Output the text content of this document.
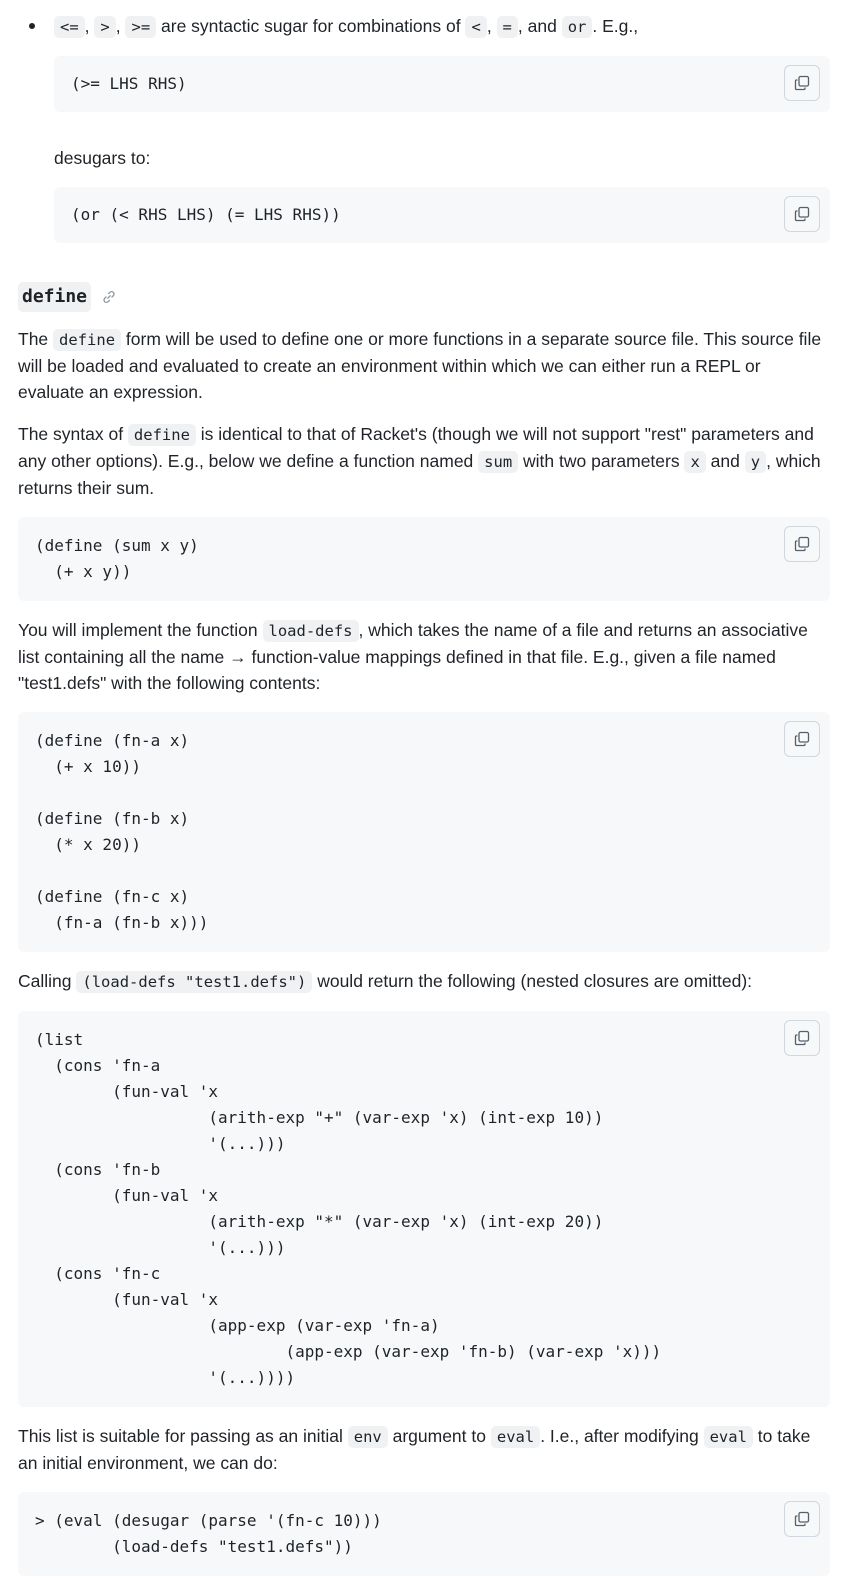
<= , > , >= are syntactic sugar for combinations of < , = , and or . E.g.,

(>= LHS RHS)

desugars to:

(or (< RHS LHS) (= LHS RHS))
define

The define form will be used to define one or more functions in a separate source file. This source file will be loaded and evaluated to create an environment within which we can either run a REPL or evaluate an expression.

The syntax of define is identical to that of Racket's (though we will not support "rest" parameters and any other options). E.g., below we define a function named sum with two parameters x and y , which returns their sum.

(define (sum x y)
(+ x y))

You will implement the function load-defs , which takes the name of a file and returns an associative list containing all the name → function-value mappings defined in that file. E.g., given a file named "test1.defs" with the following contents:

(define (fn-a x)
(+ x 10))

(define (fn-b x)
(* x 20))

(define (fn-c x)
(fn-a (fn-b x)))

Calling (load-defs "test1.defs") would return the following (nested closures are omitted):

(list
(cons 'fn-a
(fun-val 'x
(arith-exp "+" (var-exp 'x) (int-exp 10))
'(...)))
(cons 'fn-b
(fun-val 'x
(arith-exp "*" (var-exp 'x) (int-exp 20))
'(...)))
(cons 'fn-c
(fun-val 'x
(app-exp (var-exp 'fn-a)
(app-exp (var-exp 'fn-b) (var-exp 'x)))
'(...))))

This list is suitable for passing as an initial env argument to eval . I.e., after modifying eval to take an initial environment, we can do:

> (eval (desugar (parse '(fn-c 10)))
(load-defs "test1.defs"))
